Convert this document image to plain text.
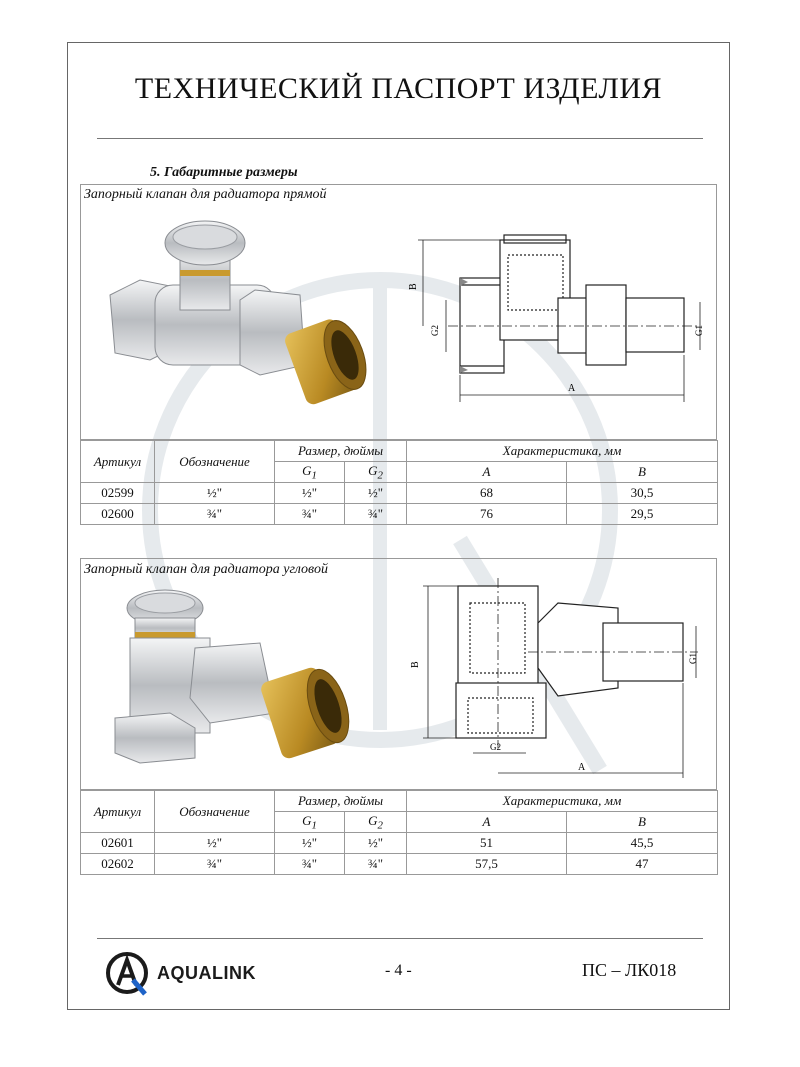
ТЕХНИЧЕСКИЙ ПАСПОРТ ИЗДЕЛИЯ
5. Габаритные размеры
Запорный клапан для радиатора прямой
A
B
G2	G1
Артикул	Обозначение	Размер, дюймы		Характеристика, мм	
		$G_1$	$G_2$	A	B
02599	½"	½"	½"	68	30,5
02600	¾"	¾"	¾"	76	29,5
Запорный клапан для радиатора угловой
B
A
G2
G1
Артикул	Обозначение	Размер, дюймы		Характеристика, мм	
		$G_1$	$G_2$	A	B
02601	½"	½"	½"	51	45,5
02602	¾"	¾"	¾"	57,5	47
AQUALINK	- 4 -	ПС – ЛК018
